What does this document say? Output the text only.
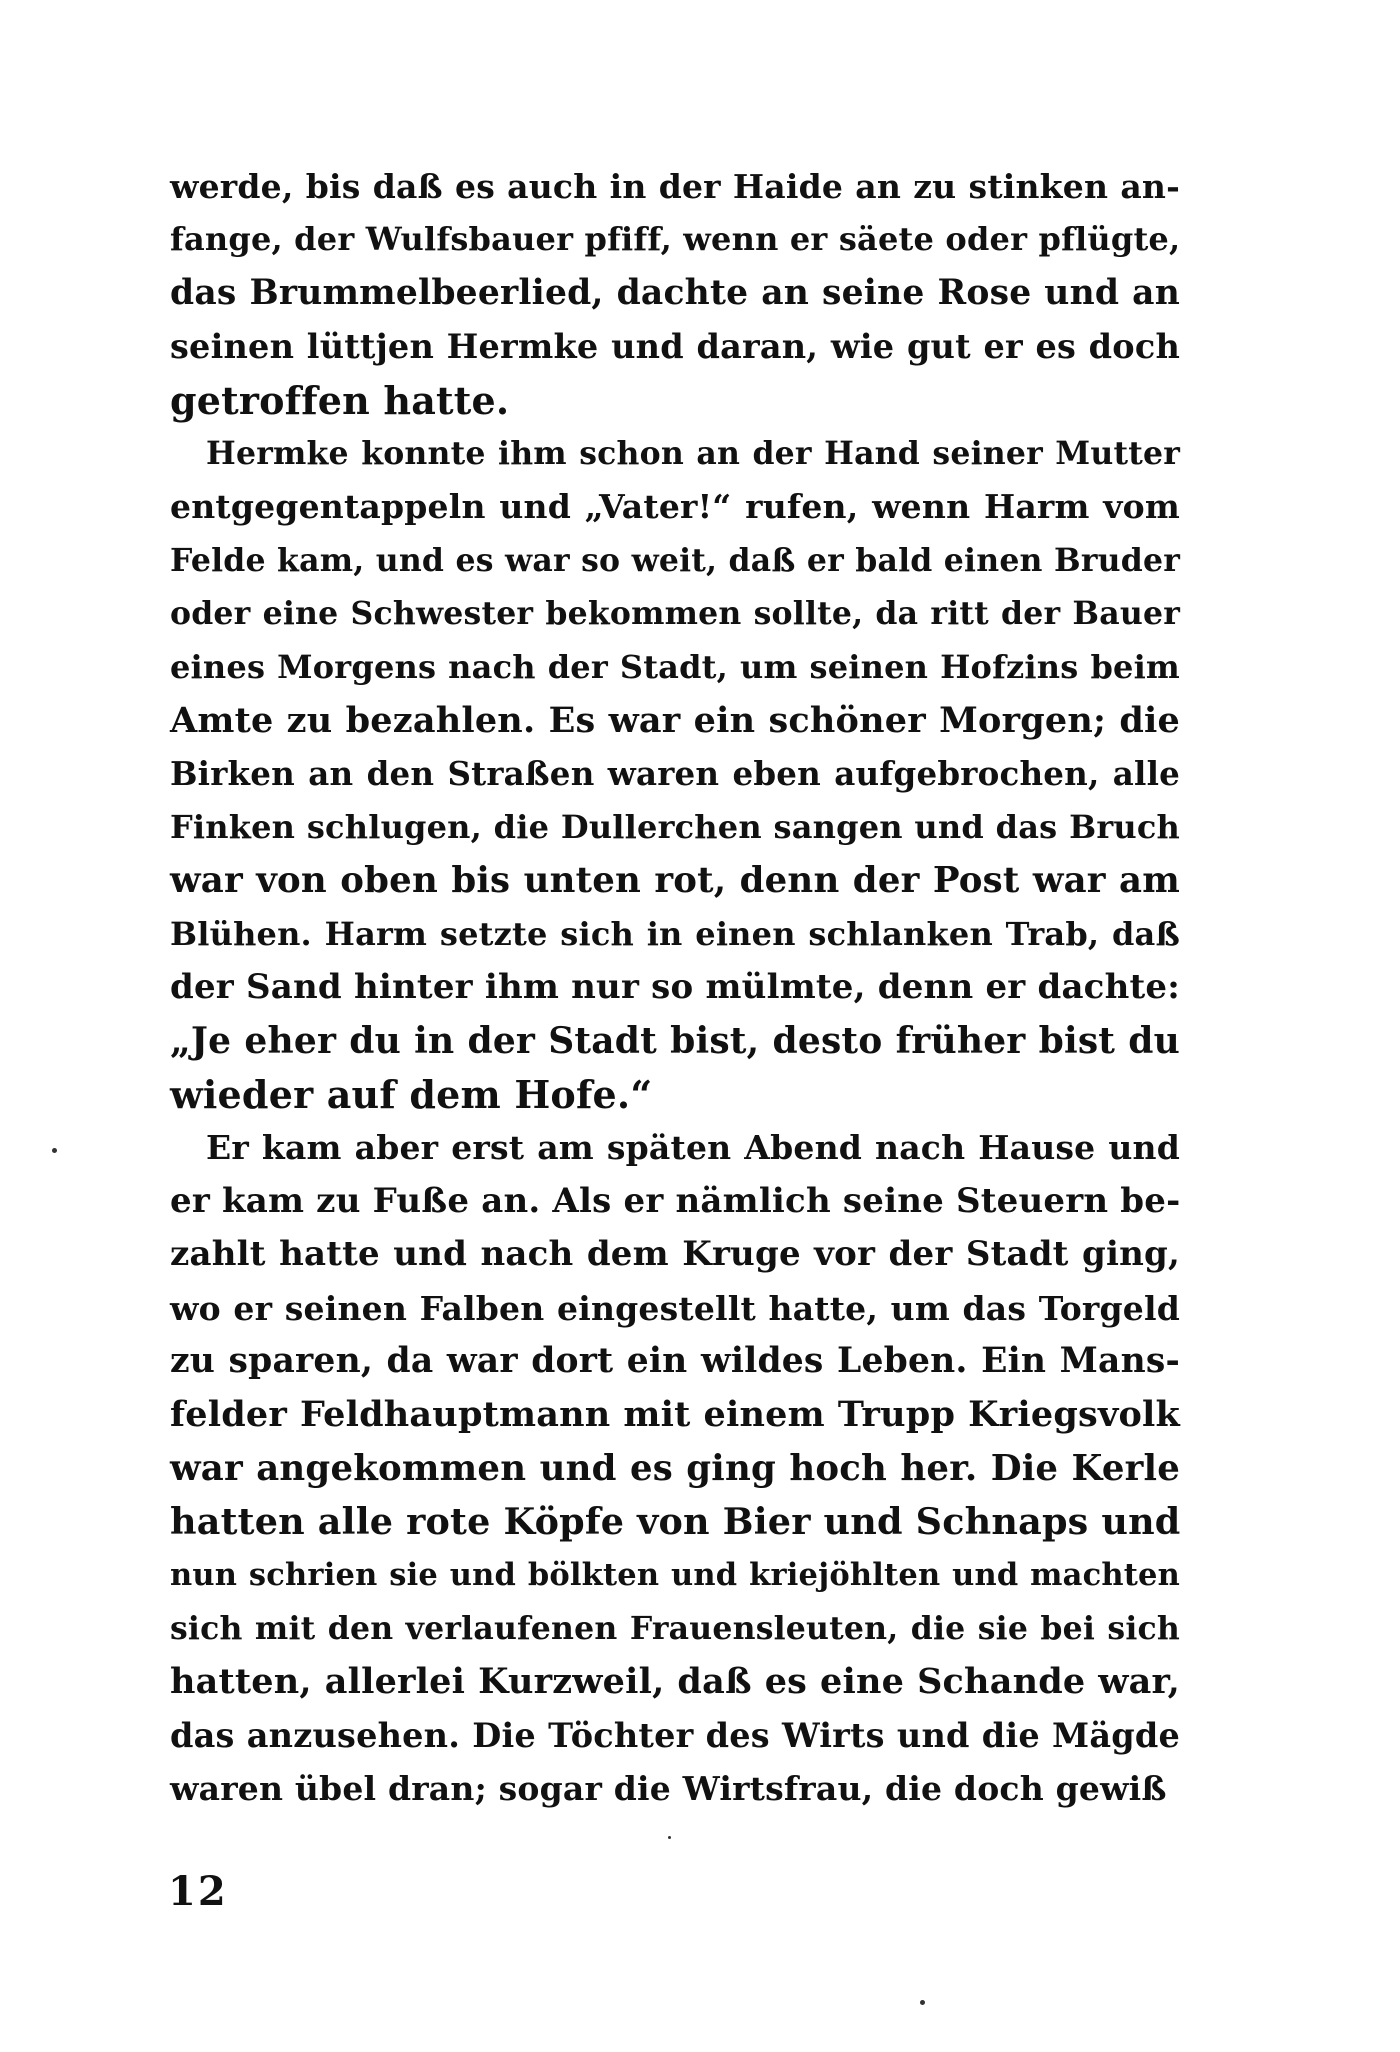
werde, bis daß es auch in der Haide an zu stinken an-
fange, der Wulfsbauer pfiff, wenn er säete oder pflügte,
das Brummelbeerlied, dachte an seine Rose und an
seinen lüttjen Hermke und daran, wie gut er es doch
getroffen hatte.

Hermke konnte ihm schon an der Hand seiner Mutter
entgegentappeln und „Vater!“ rufen, wenn Harm vom
Felde kam, und es war so weit, daß er bald einen Bruder
oder eine Schwester bekommen sollte, da ritt der Bauer
eines Morgens nach der Stadt, um seinen Hofzins beim
Amte zu bezahlen. Es war ein schöner Morgen; die
Birken an den Straßen waren eben aufgebrochen, alle
Finken schlugen, die Dullerchen sangen und das Bruch
war von oben bis unten rot, denn der Post war am
Blühen. Harm setzte sich in einen schlanken Trab, daß
der Sand hinter ihm nur so mülmte, denn er dachte:
„Je eher du in der Stadt bist, desto früher bist du
wieder auf dem Hofe.“

Er kam aber erst am späten Abend nach Hause und
er kam zu Fuße an. Als er nämlich seine Steuern be-
zahlt hatte und nach dem Kruge vor der Stadt ging,
wo er seinen Falben eingestellt hatte, um das Torgeld
zu sparen, da war dort ein wildes Leben. Ein Mans-
felder Feldhauptmann mit einem Trupp Kriegsvolk
war angekommen und es ging hoch her. Die Kerle
hatten alle rote Köpfe von Bier und Schnaps und
nun schrien sie und bölkten und kriejöhlten und machten
sich mit den verlaufenen Frauensleuten, die sie bei sich
hatten, allerlei Kurzweil, daß es eine Schande war,
das anzusehen. Die Töchter des Wirts und die Mägde
waren übel dran; sogar die Wirtsfrau, die doch gewiß

12
